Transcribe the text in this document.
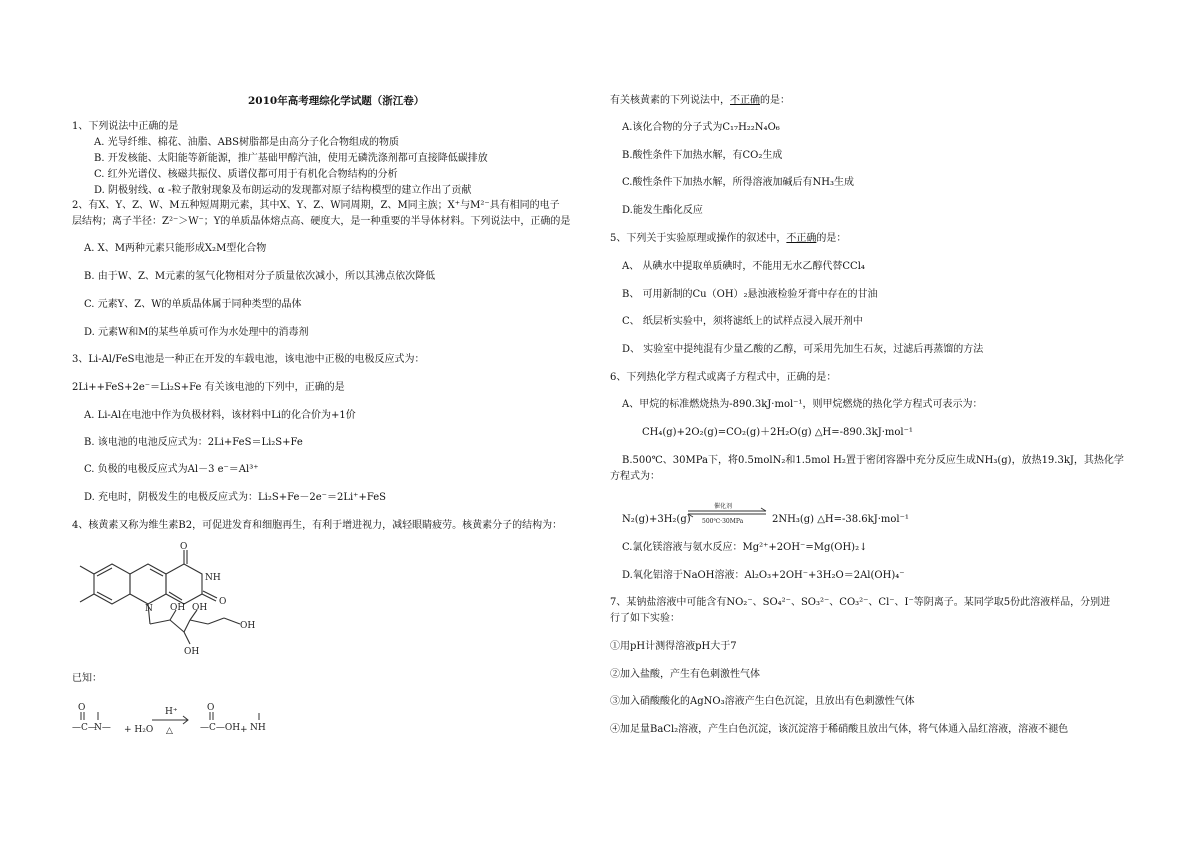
2010年高考理综化学试题（浙江卷）
1、下列说法中正确的是
A. 光导纤维、棉花、油脂、ABS树脂都是由高分子化合物组成的物质
B. 开发核能、太阳能等新能源，推广基础甲醇汽油，使用无磷洗涤剂都可直接降低碳排放
C. 红外光谱仪、核磁共振仪、质谱仪都可用于有机化合物结构的分析
D. 阴极射线、α -粒子散射现象及布朗运动的发现都对原子结构模型的建立作出了贡献
2、有X、Y、Z、W、M五种短周期元素，其中X、Y、Z、W同周期，Z、M同主族；X⁺与M²⁻具有相同的电子
层结构；离子半径：Z²⁻＞W⁻；Y的单质晶体熔点高、硬度大，是一种重要的半导体材料。下列说法中，正确的是
A. X、M两种元素只能形成X₂M型化合物
B. 由于W、Z、M元素的氢气化物相对分子质量依次减小，所以其沸点依次降低
C. 元素Y、Z、W的单质晶体属于同种类型的晶体
D. 元素W和M的某些单质可作为水处理中的消毒剂
3、Li-Al/FeS电池是一种正在开发的车载电池，该电池中正极的电极反应式为：
2Li++FeS+2e⁻＝Li₂S+Fe 有关该电池的下列中，正确的是
A. Li-Al在电池中作为负极材料，该材料中Li的化合价为+1价
B. 该电池的电池反应式为：2Li+FeS＝Li₂S+Fe
C. 负极的电极反应式为Al－3 e⁻＝Al³⁺
D. 充电时，阴极发生的电极反应式为：Li₂S+Fe－2e⁻＝2Li⁺+FeS
4、核黄素又称为维生素B2，可促进发育和细胞再生，有利于增进视力，减轻眼睛疲劳。核黄素分子的结构为：
O
NH
O
N OH OH
OH
OH
已知：
O
—C—
N— + H₂O
H⁺
△
O
—C—OH + NH
有关核黄素的下列说法中，不正确的是：
A.该化合物的分子式为C₁₇H₂₂N₄O₆
B.酸性条件下加热水解，有CO₂生成
C.酸性条件下加热水解，所得溶液加碱后有NH₃生成
D.能发生酯化反应
5、下列关于实验原理或操作的叙述中，不正确的是：
A、 从碘水中提取单质碘时，不能用无水乙醇代替CCl₄
B、 可用新制的Cu（OH）₂悬浊液检验牙膏中存在的甘油
C、 纸层析实验中，须将滤纸上的试样点浸入展开剂中
D、 实验室中提纯混有少量乙酸的乙醇，可采用先加生石灰，过滤后再蒸馏的方法
6、下列热化学方程式或离子方程式中，正确的是：
A、甲烷的标准燃烧热为-890.3kJ·mol⁻¹，则甲烷燃烧的热化学方程式可表示为：
CH₄(g)+2O₂(g)=CO₂(g)＋2H₂O(g) △H=-890.3kJ·mol⁻¹
B.500℃、30MPa下，将0.5molN₂和1.5mol H₂置于密闭容器中充分反应生成NH₃(g)，放热19.3kJ，其热化学
方程式为：
N₂(g)+3H₂(g)
催化剂
500℃·30MPa	2NH₃(g) △H=-38.6kJ·mol⁻¹
C.氯化镁溶液与氨水反应：Mg²⁺+2OH⁻=Mg(OH)₂↓
D.氧化铝溶于NaOH溶液：Al₂O₃+2OH⁻+3H₂O＝2Al(OH)₄⁻
7、某钠盐溶液中可能含有NO₂⁻、SO₄²⁻、SO₃²⁻、CO₃²⁻、Cl⁻、I⁻等阴离子。某同学取5份此溶液样品，分别进
行了如下实验：
①用pH计测得溶液pH大于7
②加入盐酸，产生有色刺激性气体
③加入硝酸酸化的AgNO₃溶液产生白色沉淀，且放出有色刺激性气体
④加足量BaCl₂溶液，产生白色沉淀，该沉淀溶于稀硝酸且放出气体，将气体通入品红溶液，溶液不褪色
